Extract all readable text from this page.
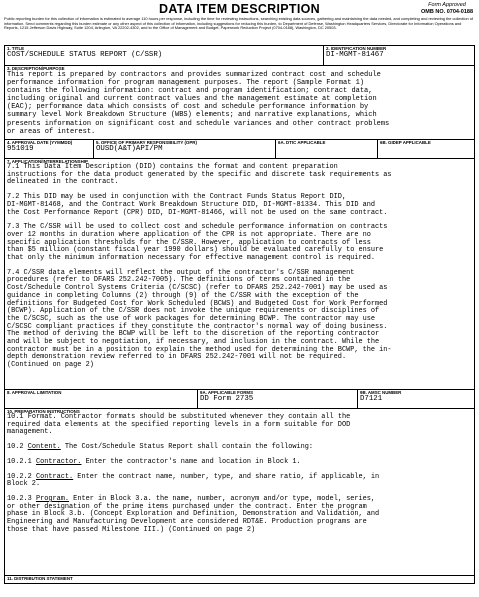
DATA ITEM DESCRIPTION	Form Approved
OMB NO. 0704-0188
Public reporting burden for this collection of information is estimated to average 110 hours per response, including the time for reviewing instructions, searching existing data sources, gathering and maintaining the data needed, and completing and reviewing the collection of information. Send comments regarding this burden estimate or any other aspect of this collection of information, including suggestions for reducing this burden, to Department of Defense, Washington Headquarters Services, Directorate for Information Operations and Reports, 1215 Jefferson Davis Highway, Suite 1204, Arlington, VA 22202-4302, and to the Office of Management and Budget, Paperwork Reduction Project (0704-0188), Washington, DC 20503.
1. TITLE
COST/SCHEDULE STATUS REPORT (C/SSR)
2. IDENTIFICATION NUMBER
DI-MGMT-81467
3. DESCRIPTION/PURPOSE
This report is prepared by contractors and provides summarized contract cost and schedule
performance information for program management purposes. The report (Sample Format 1)
contains the following information: contract and program identification; contract data,
including original and current contract values and the management estimate at completion
(EAC); performance data which consists of cost and schedule performance information by
summary level Work Breakdown Structure (WBS) elements; and narrative explanations, which
presents information on significant cost and schedule variances and other contract problems
or areas of interest.
4. APPROVAL DATE (YYMMDD)
951019
5. OFFICE OF PRIMARY RESPONSIBILITY (OPR)
OUSD(A&T)API/PM
6A. DTIC APPLICABLE	6B. GIDEP APPLICABLE
7. APPLICATION/INTERRELATIONSHIP
7.1 This Data Item Description (DID) contains the format and content preparation
instructions for the data product generated by the specific and discrete task requirements as
delineated in the contract.
7.2 This DID may be used in conjunction with the Contract Funds Status Report DID,
DI-MGMT-81468, and the Contract Work Breakdown Structure DID, DI-MGMT-81334. This DID and
the Cost Performance Report (CPR) DID, DI-MGMT-81466, will not be used on the same contract.
7.3 The C/SSR will be used to collect cost and schedule performance information on contracts
over 12 months in duration where application of the CPR is not appropriate. There are no
specific application thresholds for the C/SSR. However, application to contracts of less
than $5 million (constant fiscal year 1990 dollars) should be evaluated carefully to ensure
that only the minimum information necessary for effective management control is required.
7.4 C/SSR data elements will reflect the output of the contractor's C/SSR management
procedures (refer to DFARS 252.242-7005). The definitions of terms contained in the
Cost/Schedule Control Systems Criteria (C/SCSC) (refer to DFARS 252.242-7001) may be used as
guidance in completing Columns (2) through (9) of the C/SSR with the exception of the
definitions for Budgeted Cost for Work Scheduled (BCWS) and Budgeted Cost for Work Performed
(BCWP). Application of the C/SSR does not invoke the unique requirements or disciplines of
the C/SCSC, such as the use of work packages for determining BCWP. The contractor may use
C/SCSC compliant practices if they constitute the contractor's normal way of doing business.
The method of deriving the BCWP will be left to the discretion of the reporting contractor
and will be subject to negotiation, if necessary, and inclusion in the contract. While the
contractor must be in a position to explain the method used for determining the BCWP, the in-
depth demonstration review referred to in DFARS 252.242-7001 will not be required.
(Continued on page 2)
8. APPROVAL LIMITATION	9A. APPLICABLE FORMS
DD Form 2735
9B. AMSC NUMBER
D7121
10. PREPARATION INSTRUCTIONS
10.1 Format. Contractor formats should be substituted whenever they contain all the
required data elements at the specified reporting levels in a form suitable for DOD
management.
10.2 Content. The Cost/Schedule Status Report shall contain the following:
10.2.1 Contractor. Enter the contractor's name and location in Block 1.
10.2.2 Contract. Enter the contract name, number, type, and share ratio, if applicable, in
Block 2.
10.2.3 Program. Enter in Block 3.a. the name, number, acronym and/or type, model, series,
or other designation of the prime items purchased under the contract. Enter the program
phase in Block 3.b. (Concept Exploration and Definition, Demonstration and Validation, and
Engineering and Manufacturing Development are considered RDT&E. Production programs are
those that have passed Milestone III.) (Continued on page 2)
11. DISTRIBUTION STATEMENT
